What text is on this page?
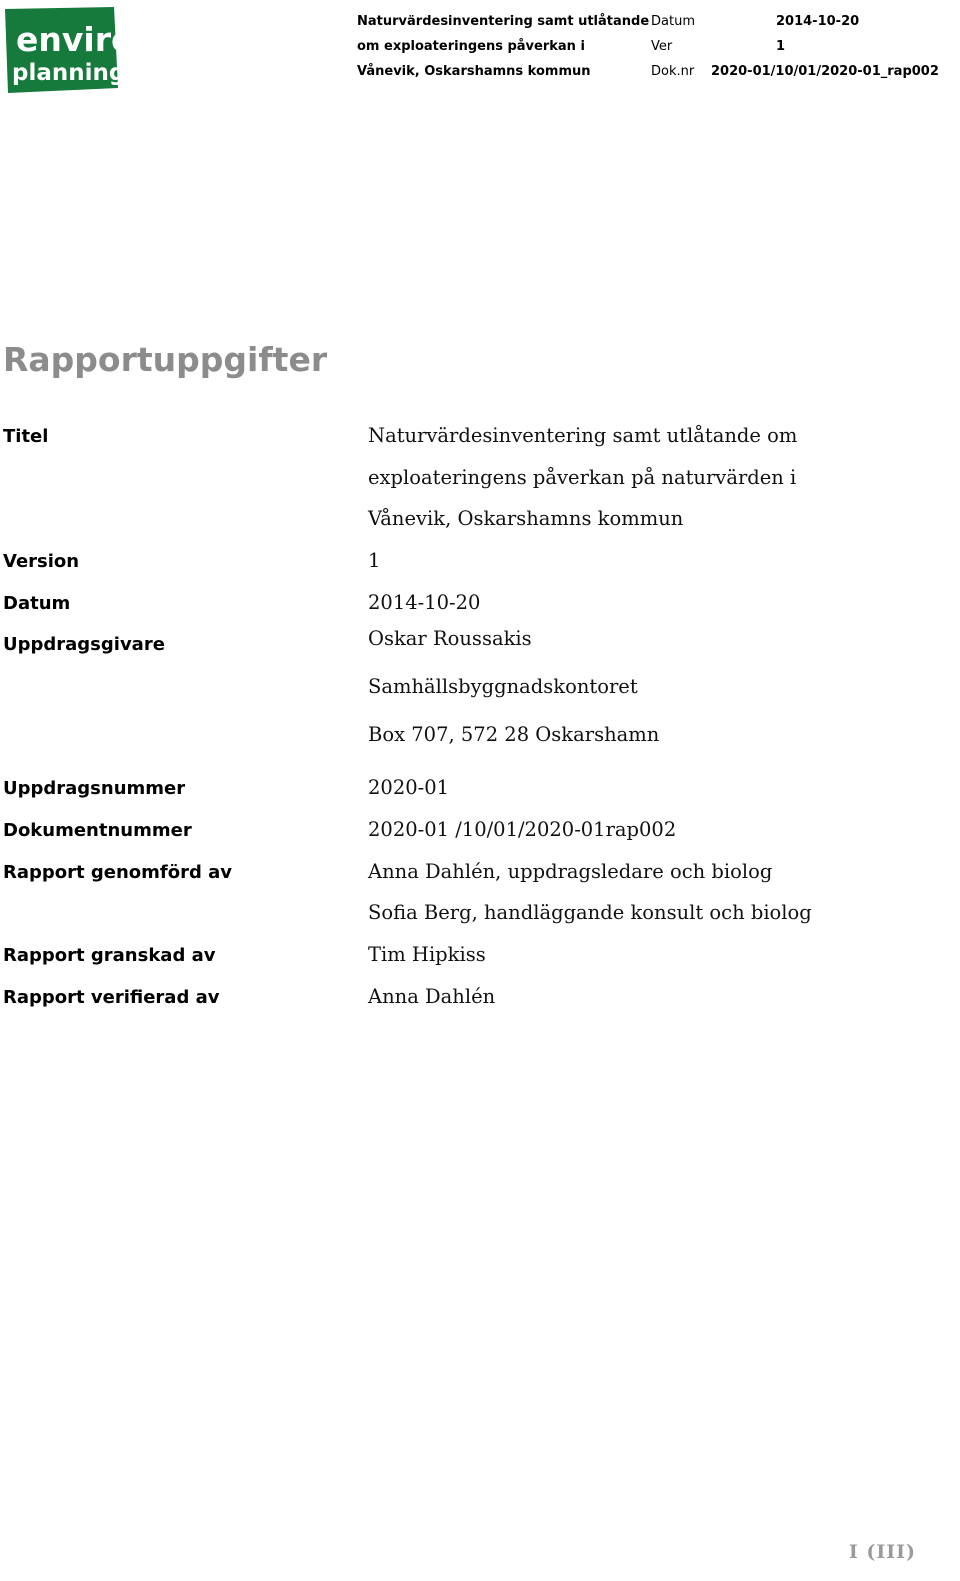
enviro
planning
Naturvärdesinventering samt utlåtande
om exploateringens påverkan i
Vånevik, Oskarshamns kommun
Datum	2014-10-20
Ver	1
Dok.nr 2020-01/10/01/2020-01_rap002
Rapportuppgifter
Titel	Naturvärdesinventering samt utlåtande om
exploateringens påverkan på naturvärden i
Vånevik, Oskarshamns kommun
Version	1
Datum	2014-10-20
Uppdragsgivare	Oskar Roussakis
Samhällsbyggnadskontoret
Box 707, 572 28 Oskarshamn
Uppdragsnummer	2020-01
Dokumentnummer	2020-01 /10/01/2020-01rap002
Rapport genomförd av	Anna Dahlén, uppdragsledare och biolog
Sofia Berg, handläggande konsult och biolog
Rapport granskad av	Tim Hipkiss
Rapport verifierad av	Anna Dahlén
I (III)
